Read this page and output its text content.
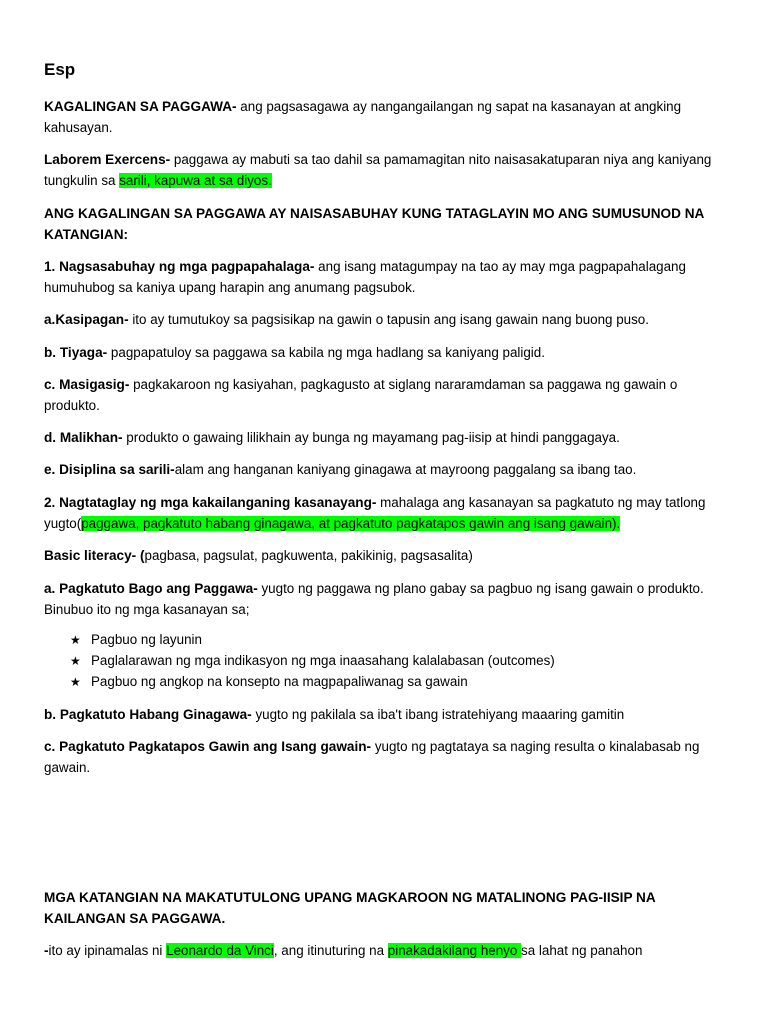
Esp

KAGALINGAN SA PAGGAWA- ang pagsasagawa ay nangangailangan ng sapat na kasanayan at angking kahusayan.

Laborem Exercens- paggawa ay mabuti sa tao dahil sa pamamagitan nito naisasakatuparan niya ang kaniyang tungkulin sa sarili, kapuwa at sa diyos.

ANG KAGALINGAN SA PAGGAWA AY NAISASABUHAY KUNG TATAGLAYIN MO ANG SUMUSUNOD NA KATANGIAN:

1. Nagsasabuhay ng mga pagpapahalaga- ang isang matagumpay na tao ay may mga pagpapahalagang humuhubog sa kaniya upang harapin ang anumang pagsubok.

a.Kasipagan- ito ay tumutukoy sa pagsisikap na gawin o tapusin ang isang gawain nang buong puso.

b. Tiyaga- pagpapatuloy sa paggawa sa kabila ng mga hadlang sa kaniyang paligid.

c. Masigasig- pagkakaroon ng kasiyahan, pagkagusto at siglang nararamdaman sa paggawa ng gawain o produkto.

d. Malikhan- produkto o gawaing lilikhain ay bunga ng mayamang pag-iisip at hindi panggagaya.

e. Disiplina sa sarili-alam ang hanganan kaniyang ginagawa at mayroong paggalang sa ibang tao.

2. Nagtataglay ng mga kakailanganing kasanayang- mahalaga ang kasanayan sa pagkatuto ng may tatlong yugto(paggawa, pagkatuto habang ginagawa, at pagkatuto pagkatapos gawin ang isang gawain).

Basic literacy- (pagbasa, pagsulat, pagkuwenta, pakikinig, pagsasalita)

a. Pagkatuto Bago ang Paggawa- yugto ng paggawa ng plano gabay sa pagbuo ng isang gawain o produkto. Binubuo ito ng mga kasanayan sa;

★ Pagbuo ng layunin
★ Paglalarawan ng mga indikasyon ng mga inaasahang kalalabasan (outcomes)
★ Pagbuo ng angkop na konsepto na magpapaliwanag sa gawain

b. Pagkatuto Habang Ginagawa- yugto ng pakilala sa iba't ibang istratehiyang maaaring gamitin

c. Pagkatuto Pagkatapos Gawin ang Isang gawain- yugto ng pagtataya sa naging resulta o kinalabasab ng gawain.

MGA KATANGIAN NA MAKATUTULONG UPANG MAGKAROON NG MATALINONG PAG-IISIP NA KAILANGAN SA PAGGAWA.

-ito ay ipinamalas ni Leonardo da Vinci, ang itinuturing na pinakadakilang henyo sa lahat ng panahon
